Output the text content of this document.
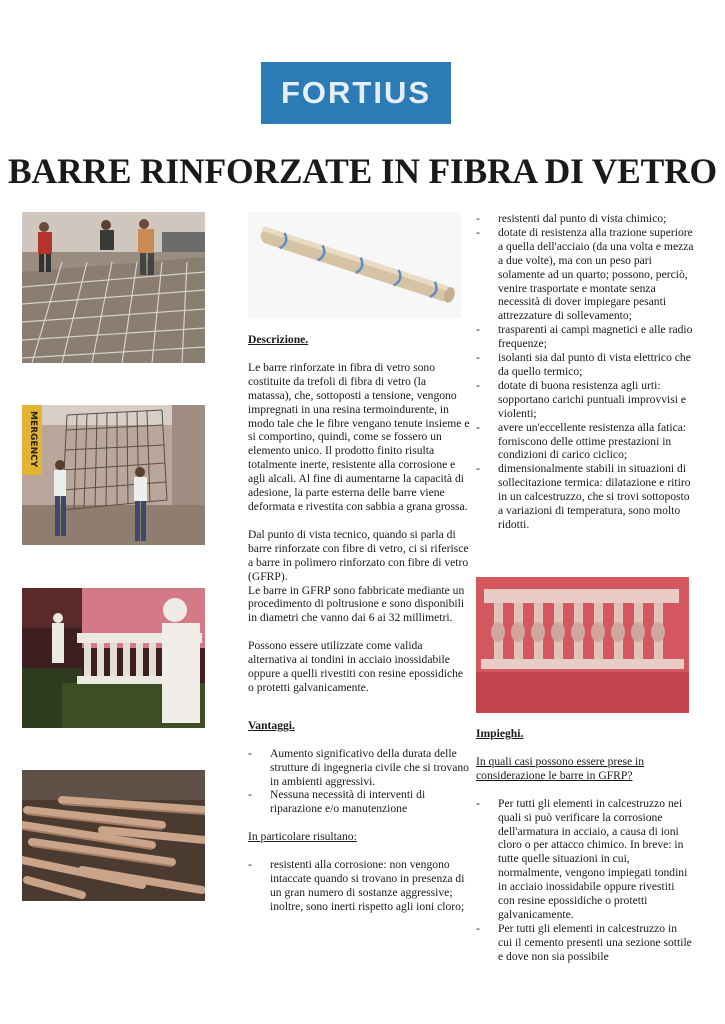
FORTIUS
BARRE RINFORZATE IN FIBRA DI VETRO
MERGENCY

Descrizione.

Le barre rinforzate in fibra di vetro sono costituite da trefoli di fibra di vetro (la matassa), che, sottoposti a tensione, vengono impregnati in una resina termoindurente, in modo tale che le fibre vengano tenute insieme e si comportino, quindi, come se fossero un elemento unico. Il prodotto finito risulta totalmente inerte, resistente alla corrosione e agli alcali. Al fine di aumentarne la capacità di adesione, la parte esterna delle barre viene deformata e rivestita con sabbia a grana grossa.

Dal punto di vista tecnico, quando si parla di barre rinforzate con fibre di vetro, ci si riferisce a barre in polimero rinforzato con fibre di vetro (GFRP).

Le barre in GFRP sono fabbricate mediante un procedimento di poltrusione e sono disponibili in diametri che vanno dai 6 ai 32 millimetri.

Possono essere utilizzate come valida alternativa ai tondini in acciaio inossidabile oppure a quelli rivestiti con resine epossidiche o protetti galvanicamente.

Vantaggi.

- Aumento significativo della durata delle strutture di ingegneria civile che si trovano in ambienti aggressivi.
- Nessuna necessità di interventi di riparazione e/o manutenzione

In particolare risultano:

- resistenti alla corrosione: non vengono intaccate quando si trovano in presenza di un gran numero di sostanze aggressive; inoltre, sono inerti rispetto agli ioni cloro;
- resistenti dal punto di vista chimico;
- dotate di resistenza alla trazione superiore a quella dell'acciaio (da una volta e mezza a due volte), ma con un peso pari solamente ad un quarto; possono, perciò, venire trasportate e montate senza necessità di dover impiegare pesanti attrezzature di sollevamento;
- trasparenti ai campi magnetici e alle radio frequenze;
- isolanti sia dal punto di vista elettrico che da quello termico;
- dotate di buona resistenza agli urti: sopportano carichi puntuali improvvisi e violenti;
- avere un'eccellente resistenza alla fatica: forniscono delle ottime prestazioni in condizioni di carico ciclico;
- dimensionalmente stabili in situazioni di sollecitazione termica: dilatazione e ritiro in un calcestruzzo, che si trovi sottoposto a variazioni di temperatura, sono molto ridotti.

Impieghi.

In quali casi possono essere prese in considerazione le barre in GFRP?

- Per tutti gli elementi in calcestruzzo nei quali si può verificare la corrosione dell'armatura in acciaio, a causa di ioni cloro o per attacco chimico. In breve: in tutte quelle situazioni in cui, normalmente, vengono impiegati tondini in acciaio inossidabile oppure rivestiti con resine epossidiche o protetti galvanicamente.
- Per tutti gli elementi in calcestruzzo in cui il cemento presenti una sezione sottile e dove non sia possibile
